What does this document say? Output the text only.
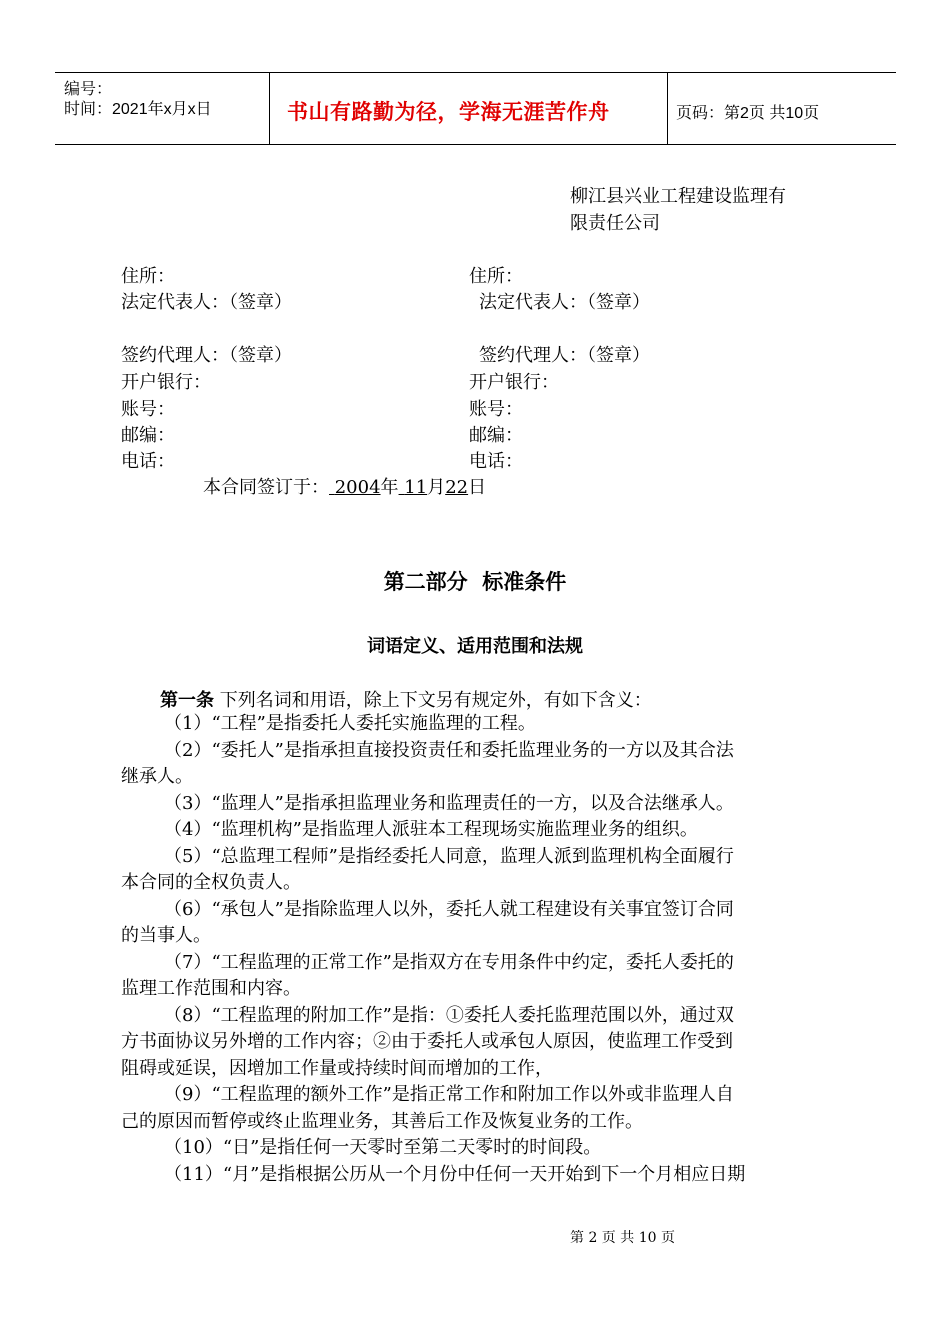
编号：
时间：2021年x月x日	书山有路勤为径，学海无涯苦作舟	页码：第2页 共10页
柳江县兴业工程建设监理有
限责任公司
住所：
法定代表人：（签章）
签约代理人：（签章）
开户银行：
账号：
邮编：
电话：
住所：
法定代表人：（签章）
签约代理人：（签章）
开户银行：
账号：
邮编：
电话：
本合同签订于： 2004年 11月22日
第二部分  标准条件
词语定义、适用范围和法规
第一条 下列名词和用语，除上下文另有规定外，有如下含义：
（1）“工程”是指委托人委托实施监理的工程。
（2）“委托人”是指承担直接投资责任和委托监理业务的一方以及其合法
继承人。
（3）“监理人”是指承担监理业务和监理责任的一方，以及合法继承人。
（4）“监理机构”是指监理人派驻本工程现场实施监理业务的组织。
（5）“总监理工程师”是指经委托人同意，监理人派到监理机构全面履行
本合同的全权负责人。
（6）“承包人”是指除监理人以外，委托人就工程建设有关事宜签订合同
的当事人。
（7）“工程监理的正常工作”是指双方在专用条件中约定，委托人委托的
监理工作范围和内容。
（8）“工程监理的附加工作”是指：①委托人委托监理范围以外，通过双
方书面协议另外增的工作内容；②由于委托人或承包人原因，使监理工作受到
阻碍或延误，因增加工作量或持续时间而增加的工作，
（9）“工程监理的额外工作”是指正常工作和附加工作以外或非监理人自
己的原因而暂停或终止监理业务，其善后工作及恢复业务的工作。
（10）“日”是指任何一天零时至第二天零时的时间段。
（11）“月”是指根据公历从一个月份中任何一天开始到下一个月相应日期
第 2 页 共 10 页
